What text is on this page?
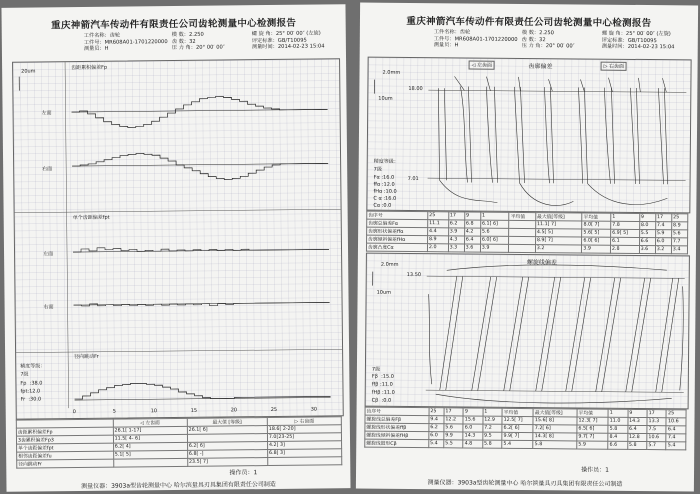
重庆神箭汽车传动件有限责任公司齿轮测量中心检测报告
工件名称：齿轮
工件号：MR608A01-1701220000
测量员：H
模 数：2.250
齿 数：32
压 力 角：20° 00′ 00″
螺 旋 角：25° 00′ 00″ (左旋)
评定标准：GB/T10095
测量时间：2014-02-23 15:04
20um
齿距累积偏差Fp
左面
右面
单个齿距偏差fpt
左面
右面
径向跳动Fr
精度等级：
7级
Fp  :38.0
fpt:12.0
Fr  :30.0
0	5	10	15	20	25	30
	◁ 左齿面	最大值 [等级]	▷ 右齿面
齿距累积偏差Fp	26.1[ 1-17]	26.1[ 6]	18.6[ 2-20]
3齿累积偏差Fp3	11.5[ 4- 6]		7.0[23-25]
单个齿距偏差fpt	6.2[ 4]	6.2[ 6]	4.2[ 3]
相邻齿距偏差fu	5.1[ 5]	6.8[ -]	6.8[ 3]
径向跳动Fr		23.5[ 7]	
操作员：1
测量仪器：3903a型齿轮测量中心 哈尔滨量具刃具集团有限责任公司制造
重庆神箭汽车传动件有限责任公司齿轮测量中心检测报告
工件名称：齿轮
工件号：MR608A01-1701220000
测量员：H
模 数：2.250
齿 数：32
压 力 角：20° 00′ 00″
螺 旋 角：25° 00′ 00″ (左旋)
评定标准：GB/T10095
测量时间：2014-02-23 15:04
◁ 左齿面	齿廓偏差	▷ 右齿面
2.0mm
10um
18.00
7.01
精度等级：
7级
Fα :16.0
ffα :12.0
fHα :10.0
C α :16.0
Cα :0.0
齿序号	25	17	9	1	平均值	最大值[等级]	平均值	1	9	17	25
齿廓总偏差Fα	11.1	6.2	6.8	6.1[ 6]		11.1[ 7]	8.0[ 7]	7.8	8.0	7.4	8.9
齿廓形状偏差ffα	4.4	3.9	4.2	5.6		4.5[ 5]	5.6[ 5]	6.9[ 5]	5.5	5.9	5.6
齿廓倾斜偏差fHα	8.9	4.3	6.4	6.0[ 6]		8.9[ 7]	6.0[ 6]	6.1	6.6	6.0	7.7
齿廓凸度Cα	2.0	3.3	3.6	3.9		3.2	3.9	2.8	3.6	3.2	3.4
螺旋线偏差
2.0mm
10um
13.50
7级
Fβ  :15.0
ffβ :11.0
fHβ :11.0
Cβ  :0.0
齿序号	25	17	9	1	平均值	最大值[等级]	平均值	1	9	17	25
螺旋线总偏差Fβ	9.4	12.2	15.6	12.9	12.5[ 7]	15.6[ 8]	12.3[ 7]	11.0	14.3	13.3	10.6
螺旋线形状偏差ffβ	6.2	5.6	6.0	7.2	6.2[ 6]	7.2[ 6]	6.5[ 6]	5.8	6.4	7.5	6.4
螺旋线倾斜偏差fHβ	6.0	9.9	14.3	9.5	9.9[ 7]	14.3[ 8]	9.7[ 7]	8.4	12.8	10.6	7.4
螺旋线鼓形Cβ	5.4	5.5	4.8	5.8	5.4	5.8	5.9	6.6	5.8	5.7	5.4
操作员：1
测量仪器：3903a型齿轮测量中心 哈尔滨量具刃具集团有限责任公司制造
